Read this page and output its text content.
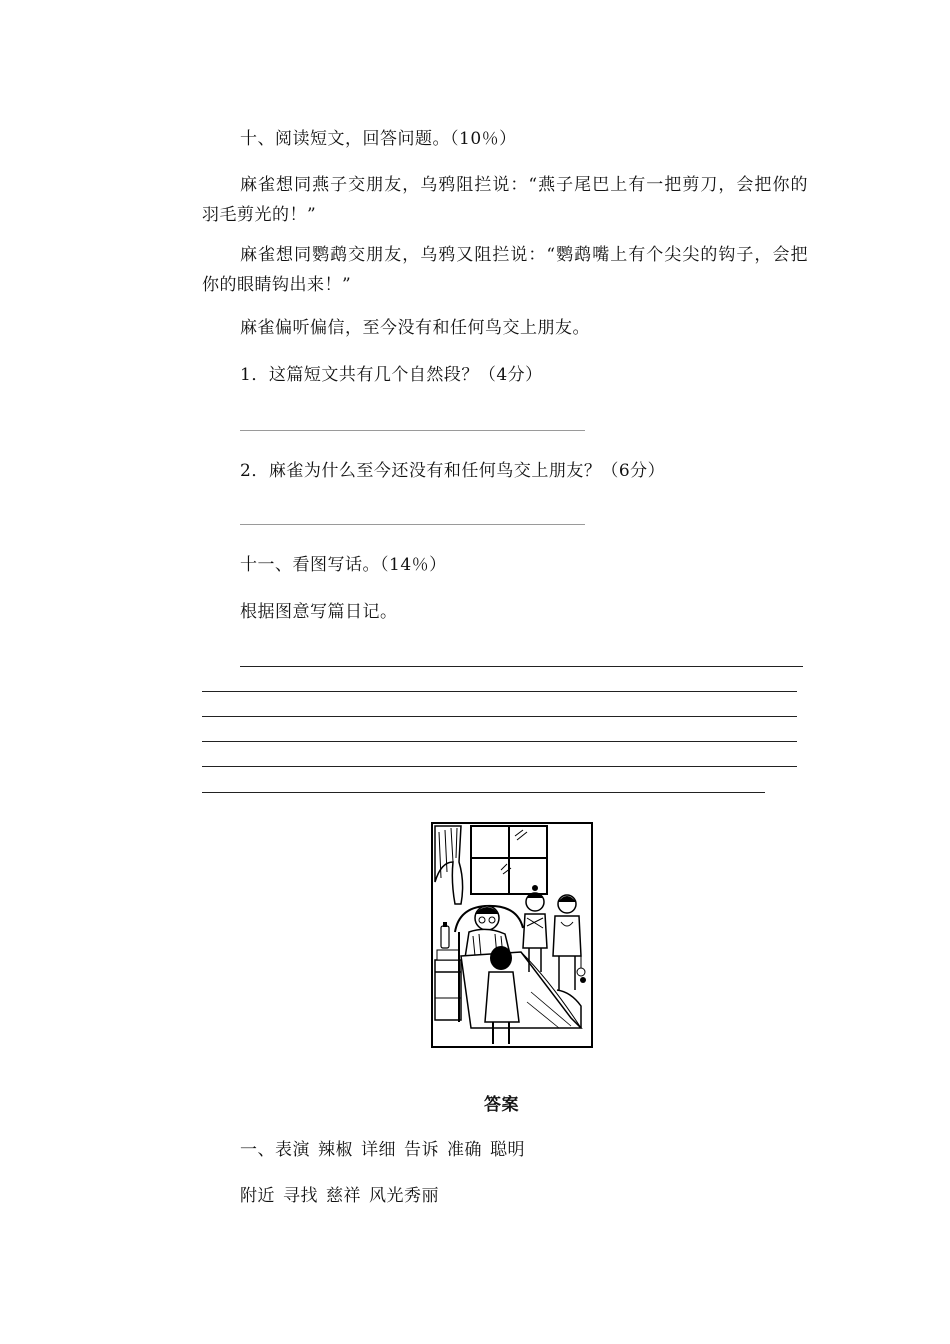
十、阅读短文，回答问题。（10％）
麻雀想同燕子交朋友，乌鸦阻拦说：“燕子尾巴上有一把剪刀，会把你的羽毛剪光的！”
麻雀想同鹦鹉交朋友，乌鸦又阻拦说：“鹦鹉嘴上有个尖尖的钩子，会把你的眼睛钩出来！”
麻雀偏听偏信，至今没有和任何鸟交上朋友。
1．这篇短文共有几个自然段？（4分）
2．麻雀为什么至今还没有和任何鸟交上朋友？（6分）
十一、看图写话。（14％）
根据图意写篇日记。
答案
一、表演 辣椒 详细 告诉 准确 聪明
附近 寻找 慈祥 风光秀丽
